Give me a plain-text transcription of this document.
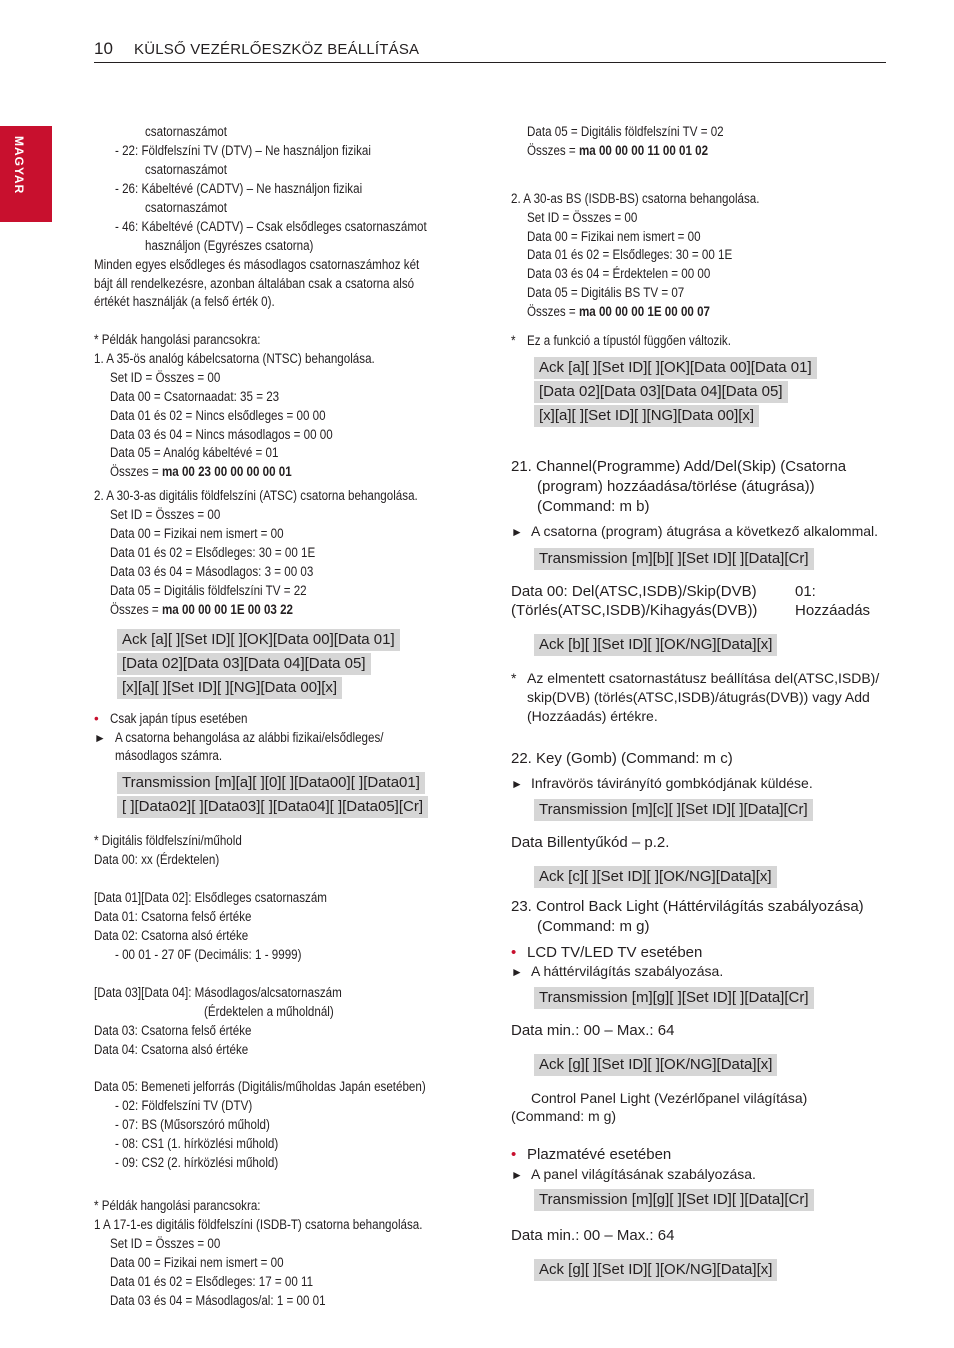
10 KÜLSŐ VEZÉRLŐESZKÖZ BEÁLLÍTÁSA
MAGYAR
csatornaszámot
- 22: Földfelszíni TV (DTV) – Ne használjon fizikai
csatornaszámot
- 26: Kábeltévé (CADTV) – Ne használjon fizikai
csatornaszámot
- 46: Kábeltévé (CADTV) – Csak elsődleges csatornaszámot
használjon (Egyrészes csatorna)
Minden egyes elsődleges és másodlagos csatornaszámhoz két
bájt áll rendelkezésre, azonban általában csak a csatorna alsó
értékét használják (a felső érték 0).
* Példák hangolási parancsokra:
1. A 35-ös analóg kábelcsatorna (NTSC) behangolása.
Set ID = Összes = 00
Data 00 = Csatornaadat: 35 = 23
Data 01 és 02 = Nincs elsődleges = 00 00
Data 03 és 04 = Nincs másodlagos = 00 00
Data 05 = Analóg kábeltévé = 01
Összes = ma 00 23 00 00 00 00 01
2. A 30-3-as digitális földfelszíni (ATSC) csatorna behangolása.
Set ID = Összes = 00
Data 00 = Fizikai nem ismert = 00
Data 01 és 02 = Elsődleges: 30 = 00 1E
Data 03 és 04 = Másodlagos: 3 = 00 03
Data 05 = Digitális földfelszíni TV = 22
Összes = ma 00 00 00 1E 00 03 22
Ack [a][ ][Set ID][ ][OK][Data 00][Data 01]
[Data 02][Data 03][Data 04][Data 05]
[x][a][ ][Set ID][ ][NG][Data 00][x]
• Csak japán típus esetében
► A csatorna behangolása az alábbi fizikai/elsődleges/
másodlagos számra.
Transmission [m][a][ ][0][ ][Data00][ ][Data01]
[ ][Data02][ ][Data03][ ][Data04][ ][Data05][Cr]
* Digitális földfelszíni/műhold
Data 00: xx (Érdektelen)
[Data 01][Data 02]: Elsődleges csatornaszám
Data 01: Csatorna felső értéke
Data 02: Csatorna alsó értéke
- 00 01 - 27 0F (Decimális: 1 - 9999)
[Data 03][Data 04]: Másodlagos/alcsatornaszám
(Érdektelen a műholdnál)
Data 03: Csatorna felső értéke
Data 04: Csatorna alsó értéke
Data 05: Bemeneti jelforrás (Digitális/műholdas Japán esetében)
- 02: Földfelszíni TV (DTV)
- 07: BS (Műsorszóró műhold)
- 08: CS1 (1. hírközlési műhold)
- 09: CS2 (2. hírközlési műhold)
* Példák hangolási parancsokra:
1 A 17-1-es digitális földfelszíni (ISDB-T) csatorna behangolása.
Set ID = Összes = 00
Data 00 = Fizikai nem ismert = 00
Data 01 és 02 = Elsődleges: 17 = 00 11
Data 03 és 04 = Másodlagos/al: 1 = 00 01
Data 05 = Digitális földfelszíni TV = 02
Összes = ma 00 00 00 11 00 01 02
2. A 30-as BS (ISDB-BS) csatorna behangolása.
Set ID = Összes = 00
Data 00 = Fizikai nem ismert = 00
Data 01 és 02 = Elsődleges: 30 = 00 1E
Data 03 és 04 = Érdektelen = 00 00
Data 05 = Digitális BS TV = 07
Összes = ma 00 00 00 1E 00 00 07
* Ez a funkció a típustól függően változik.
Ack [a][ ][Set ID][ ][OK][Data 00][Data 01]
[Data 02][Data 03][Data 04][Data 05]
[x][a][ ][Set ID][ ][NG][Data 00][x]
21. Channel(Programme) Add/Del(Skip) (Csatorna
(program) hozzáadása/törlése (átugrása))
(Command: m b)
► A csatorna (program) átugrása a következő alkalommal.
Transmission [m][b][ ][Set ID][ ][Data][Cr]
Data 00: Del(ATSC,ISDB)/Skip(DVB)
(Törlés(ATSC,ISDB)/Kihagyás(DVB))
01:
Hozzáadás
Ack [b][ ][Set ID][ ][OK/NG][Data][x]
* Az elmentett csatornastátusz beállítása del(ATSC,ISDB)/
skip(DVB) (törlés(ATSC,ISDB)/átugrás(DVB)) vagy Add
(Hozzáadás) értékre.
22. Key (Gomb) (Command: m c)
► Infravörös távirányító gombkódjának küldése.
Transmission [m][c][ ][Set ID][ ][Data][Cr]
Data Billentyűkód – p.2.
Ack [c][ ][Set ID][ ][OK/NG][Data][x]
23. Control Back Light (Háttérvilágítás szabályozása)
(Command: m g)
• LCD TV/LED TV esetében
► A háttérvilágítás szabályozása.
Transmission [m][g][ ][Set ID][ ][Data][Cr]
Data min.: 00 – Max.: 64
Ack [g][ ][Set ID][ ][OK/NG][Data][x]
Control Panel Light (Vezérlőpanel világítása)
(Command: m g)
• Plazmatévé esetében
► A panel világításának szabályozása.
Transmission [m][g][ ][Set ID][ ][Data][Cr]
Data min.: 00 – Max.: 64
Ack [g][ ][Set ID][ ][OK/NG][Data][x]
